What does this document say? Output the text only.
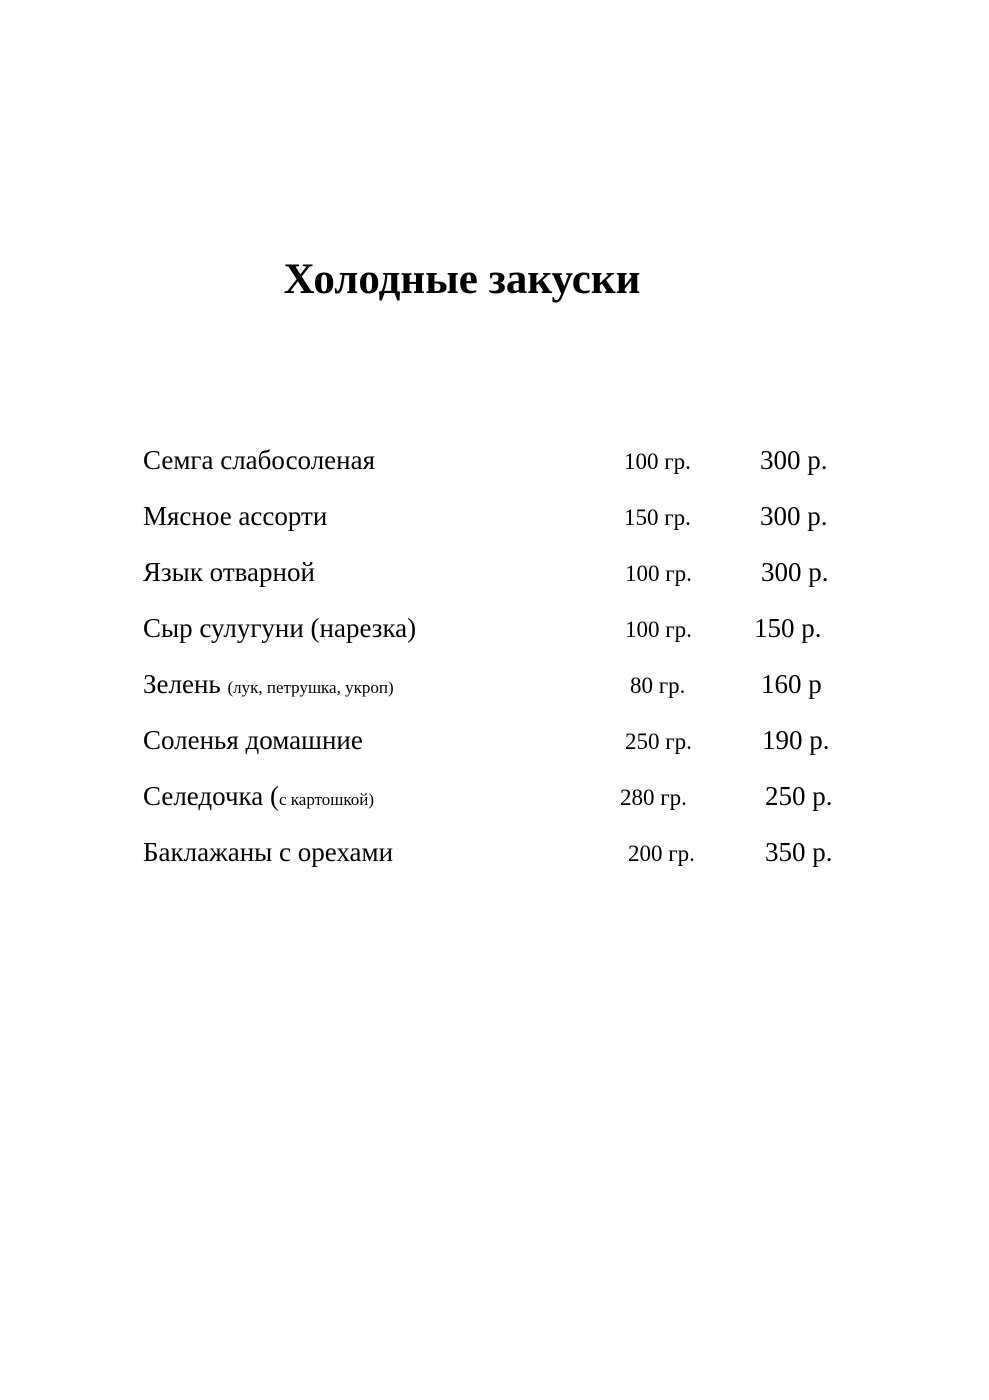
Холодные закуски
Семга слабосоленая	100 гр.	300 р.
Мясное ассорти	150 гр.	300 р.
Язык отварной	100 гр.	300 р.
Сыр сулугуни (нарезка)	100 гр. 150 р.
Зелень (лук, петрушка, укроп)	80 гр.	160 р
Соленья домашние	250 гр.	190 р.
Селедочка (с картошкой)	280 гр.	250 р.
Баклажаны с орехами	200 гр.	350 р.
